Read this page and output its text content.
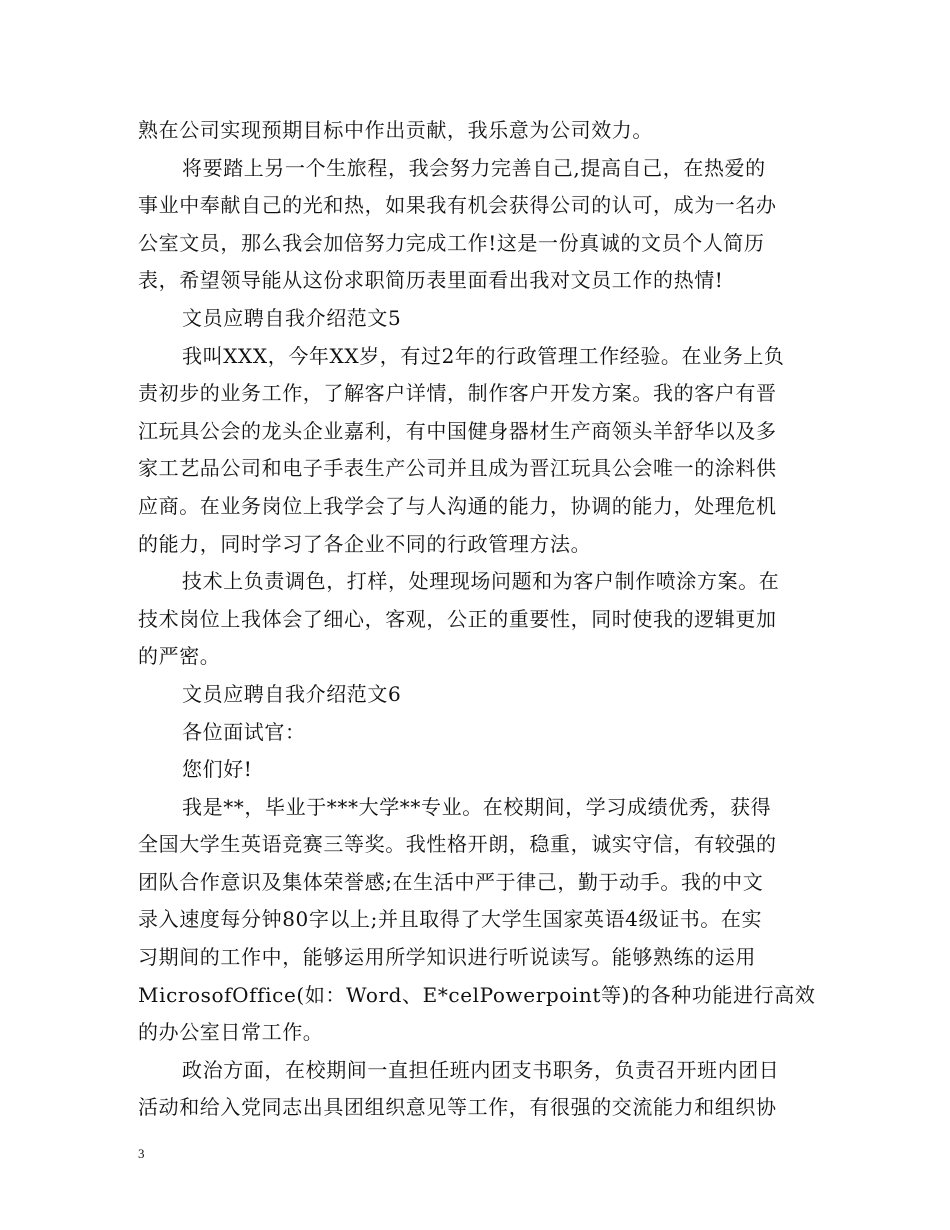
熟在公司实现预期目标中作出贡献，我乐意为公司效力。
将要踏上另一个生旅程，我会努力完善自己,提高自己，在热爱的
事业中奉献自己的光和热，如果我有机会获得公司的认可，成为一名办
公室文员，那么我会加倍努力完成工作!这是一份真诚的文员个人简历
表，希望领导能从这份求职简历表里面看出我对文员工作的热情!
文员应聘自我介绍范文5
我叫XXX，今年XX岁，有过2年的行政管理工作经验。在业务上负
责初步的业务工作，了解客户详情，制作客户开发方案。我的客户有晋
江玩具公会的龙头企业嘉利，有中国健身器材生产商领头羊舒华以及多
家工艺品公司和电子手表生产公司并且成为晋江玩具公会唯一的涂料供
应商。在业务岗位上我学会了与人沟通的能力，协调的能力，处理危机
的能力，同时学习了各企业不同的行政管理方法。
技术上负责调色，打样，处理现场问题和为客户制作喷涂方案。在
技术岗位上我体会了细心，客观，公正的重要性，同时使我的逻辑更加
的严密。
文员应聘自我介绍范文6
各位面试官：
您们好!
我是**，毕业于***大学**专业。在校期间，学习成绩优秀，获得
全国大学生英语竞赛三等奖。我性格开朗，稳重，诚实守信，有较强的
团队合作意识及集体荣誉感;在生活中严于律己，勤于动手。我的中文
录入速度每分钟80字以上;并且取得了大学生国家英语4级证书。在实
习期间的工作中，能够运用所学知识进行听说读写。能够熟练的运用
MicrosofOffice(如：Word、E*celPowerpoint等)的各种功能进行高效
的办公室日常工作。
政治方面，在校期间一直担任班内团支书职务，负责召开班内团日
活动和给入党同志出具团组织意见等工作，有很强的交流能力和组织协
3
